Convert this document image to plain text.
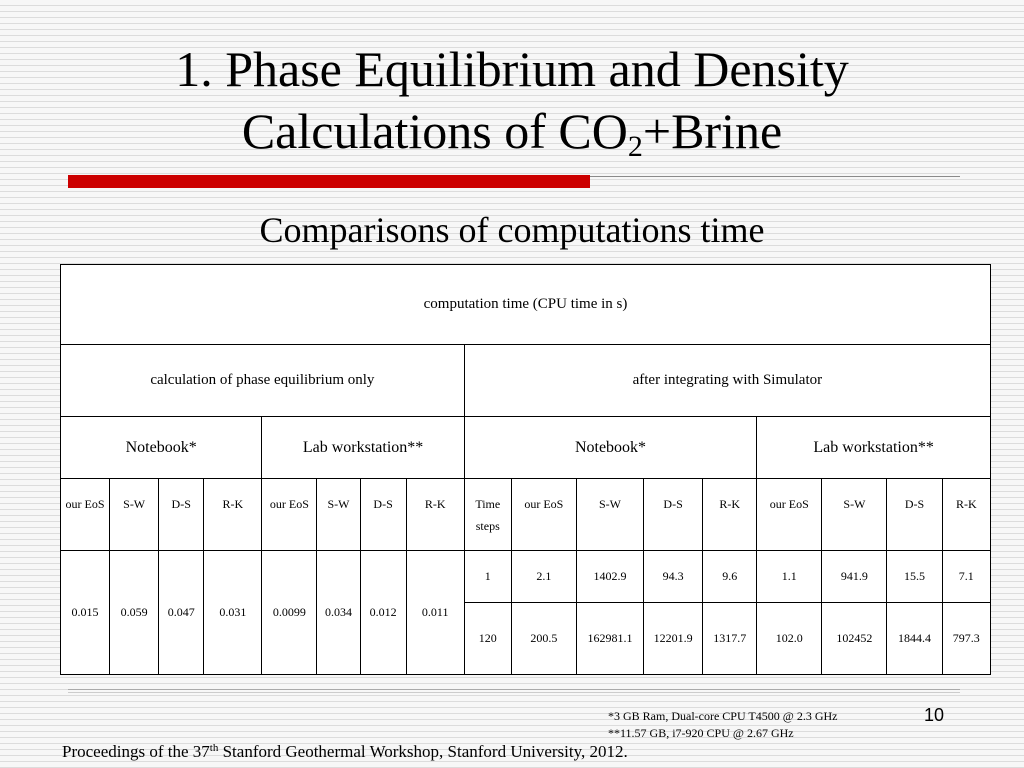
1. Phase Equilibrium and Density
Calculations of $CO_2+Brine$
Comparisons of computations time
computation time (CPU time in s)																
calculation of phase equilibrium only								after integrating with Simulator								
Notebook*				Lab workstation**				Notebook*					Lab workstation**			
our EoS	S-W	D-S	R-K	our EoS	S-W	D-S	R-K	Time steps	our EoS	S-W	D-S	R-K	our EoS	S-W	D-S	R-K
0.015	0.059	0.047	0.031	0.0099	0.034	0.012	0.011	1	2.1	1402.9	94.3	9.6	1.1	941.9	15.5	7.1
								120	200.5	162981.1	12201.9	1317.7	102.0	102452	1844.4	797.3
*3 GB Ram, Dual-core CPU T4500 @ 2.3 GHz
**11.57 GB, i7-920 CPU @ 2.67 GHz
10
Proceedings of the 37th Stanford Geothermal Workshop, Stanford University, 2012.
